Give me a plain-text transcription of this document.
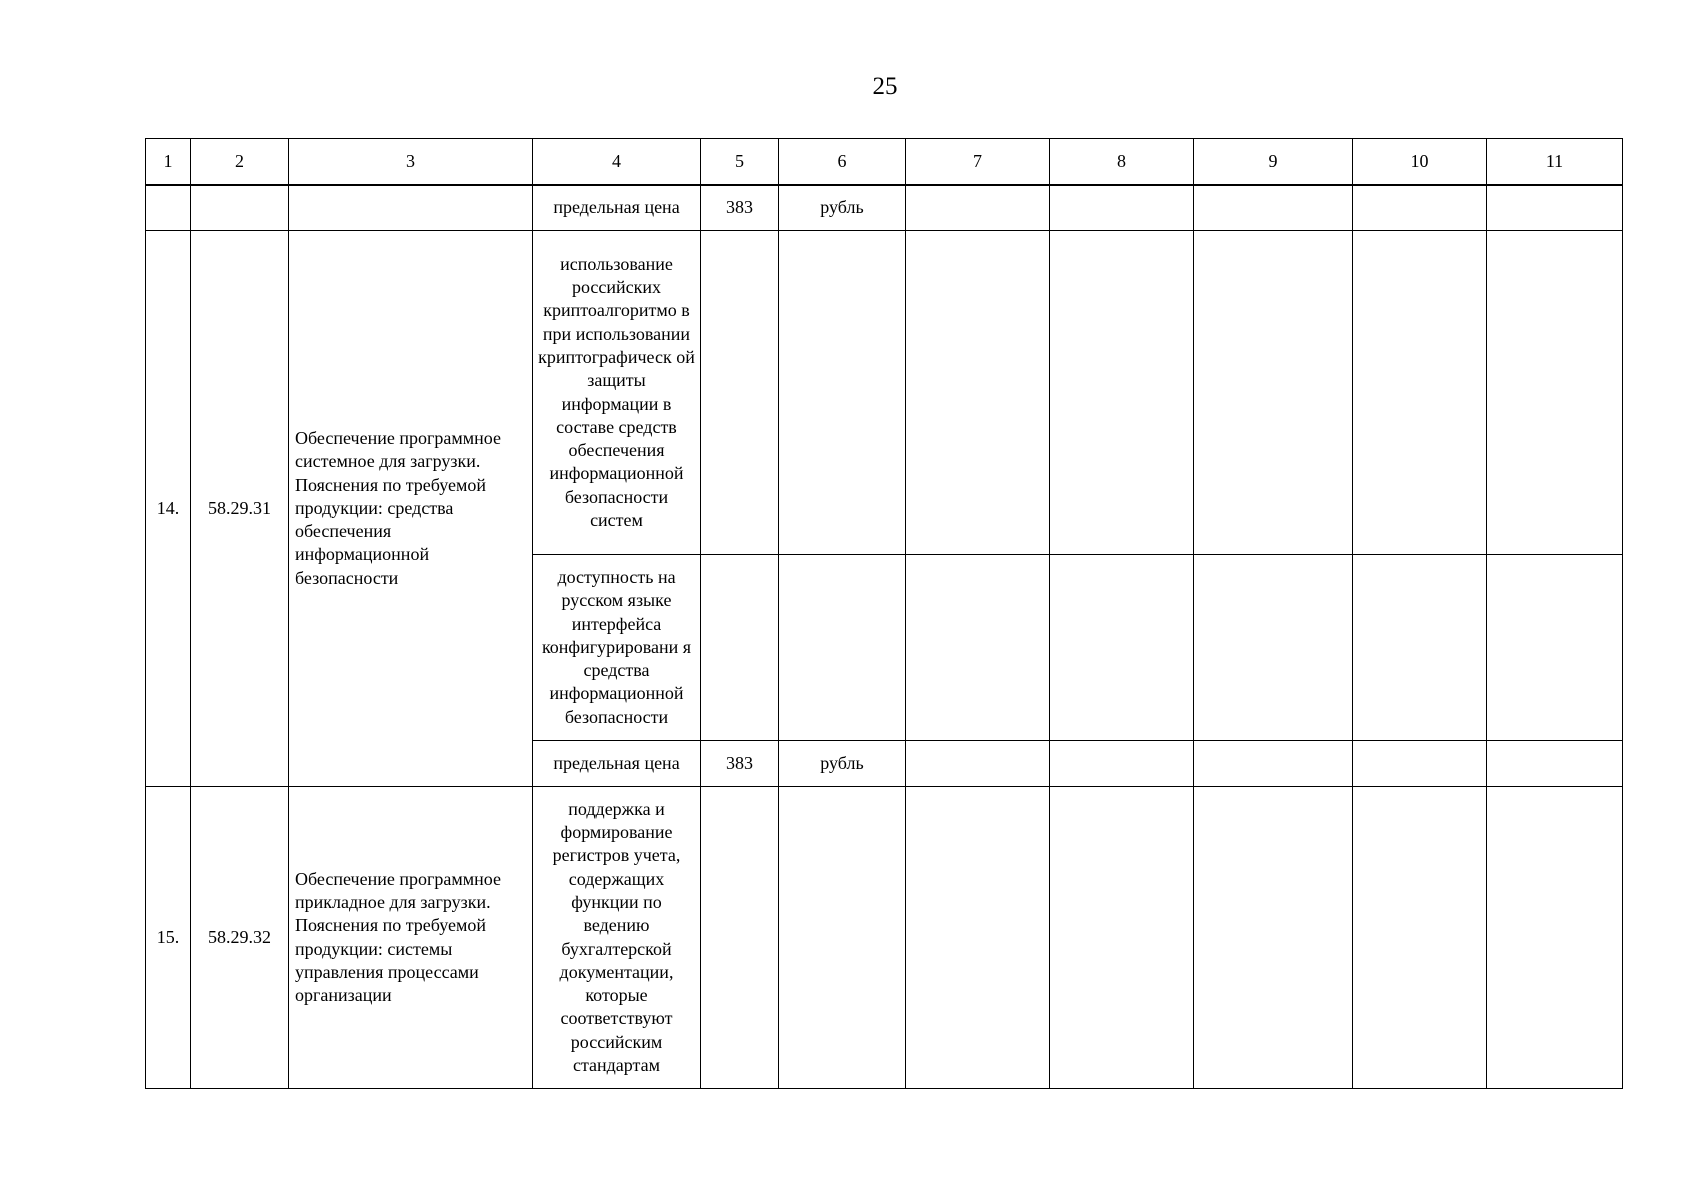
25
1	2	3	4	5	6	7	8	9	10	11
			предельная цена	383	рубль					
14.	58.29.31	Обеспечение программное системное для загрузки. Пояснения по требуемой продукции: средства обеспечения информационной безопасности	использование российских криптоалгоритмо в при использовании криптографическ ой защиты информации в составе средств обеспечения информационной безопасности систем							
			доступность на русском языке интерфейса конфигурировани я средства информационной безопасности							
			предельная цена	383	рубль					
15.	58.29.32	Обеспечение программное прикладное для загрузки. Пояснения по требуемой продукции: системы управления процессами организации	поддержка и формирование регистров учета, содержащих функции по ведению бухгалтерской документации, которые соответствуют российским стандартам							
